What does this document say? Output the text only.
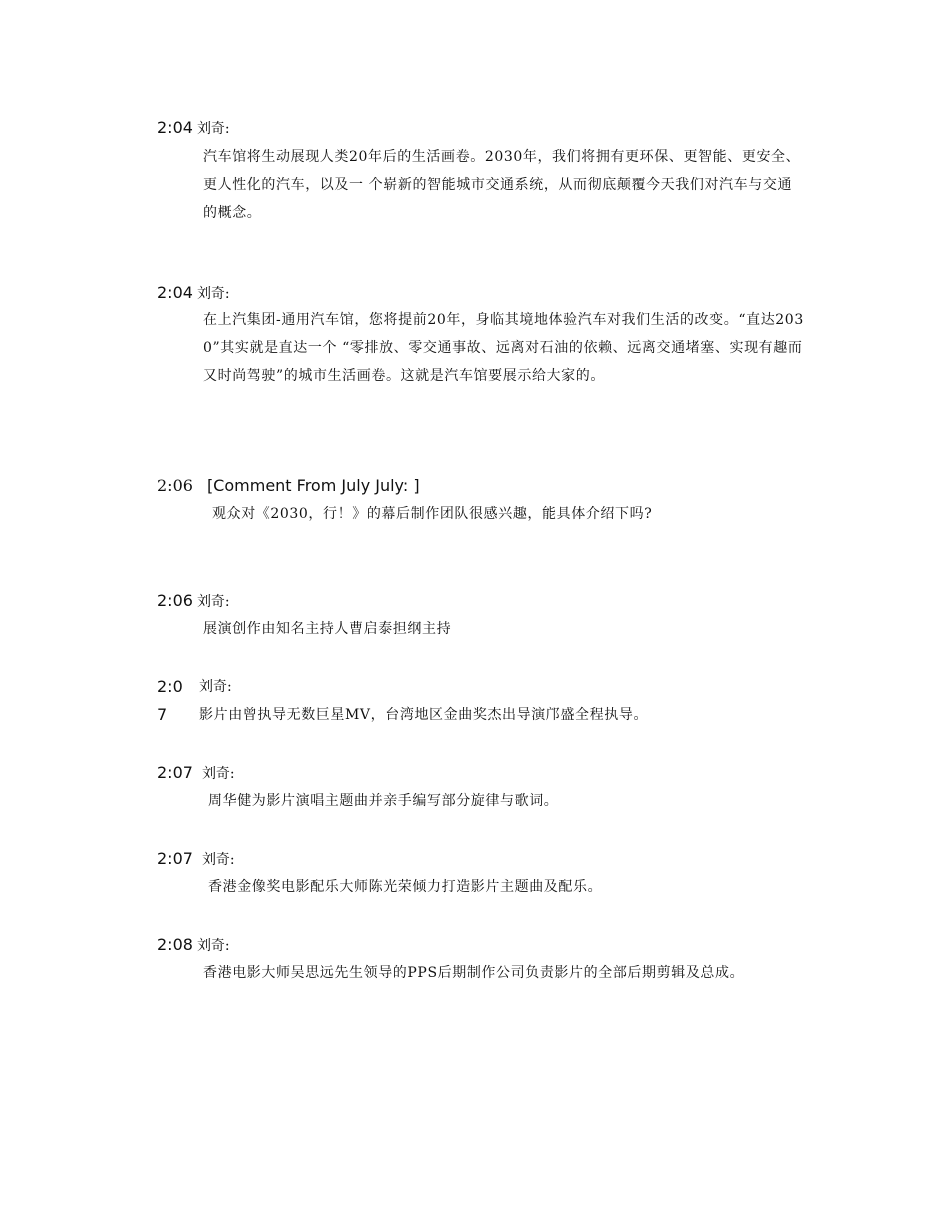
2:04 刘奇:
汽车馆将生动展现人类20年后的生活画卷。2030年，我们将拥有更环保、更智能、更安全、更人性化的汽车，以及一 个崭新的智能城市交通系统，从而彻底颠覆今天我们对汽车与交通的概念。
2:04 刘奇:
在上汽集团-通用汽车馆，您将提前20年，身临其境地体验汽车对我们生活的改变。“直达2030”其实就是直达一个 “零排放、零交通事故、远离对石油的依赖、远离交通堵塞、实现有趣而又时尚驾驶”的城市生活画卷。这就是汽车馆要展示给大家的。
2:06 [Comment From July July: ]
观众对《2030，行！》的幕后制作团队很感兴趣，能具体介绍下吗?
2:06 刘奇:
展演创作由知名主持人曹启泰担纲主持
2:0 刘奇:
7 影片由曾执导无数巨星MV，台湾地区金曲奖杰出导演邝盛全程执导。
2:07 刘奇:
周华健为影片演唱主题曲并亲手编写部分旋律与歌词。
2:07 刘奇:
香港金像奖电影配乐大师陈光荣倾力打造影片主题曲及配乐。
2:08 刘奇:
香港电影大师吴思远先生领导的PPS后期制作公司负责影片的全部后期剪辑及总成。
